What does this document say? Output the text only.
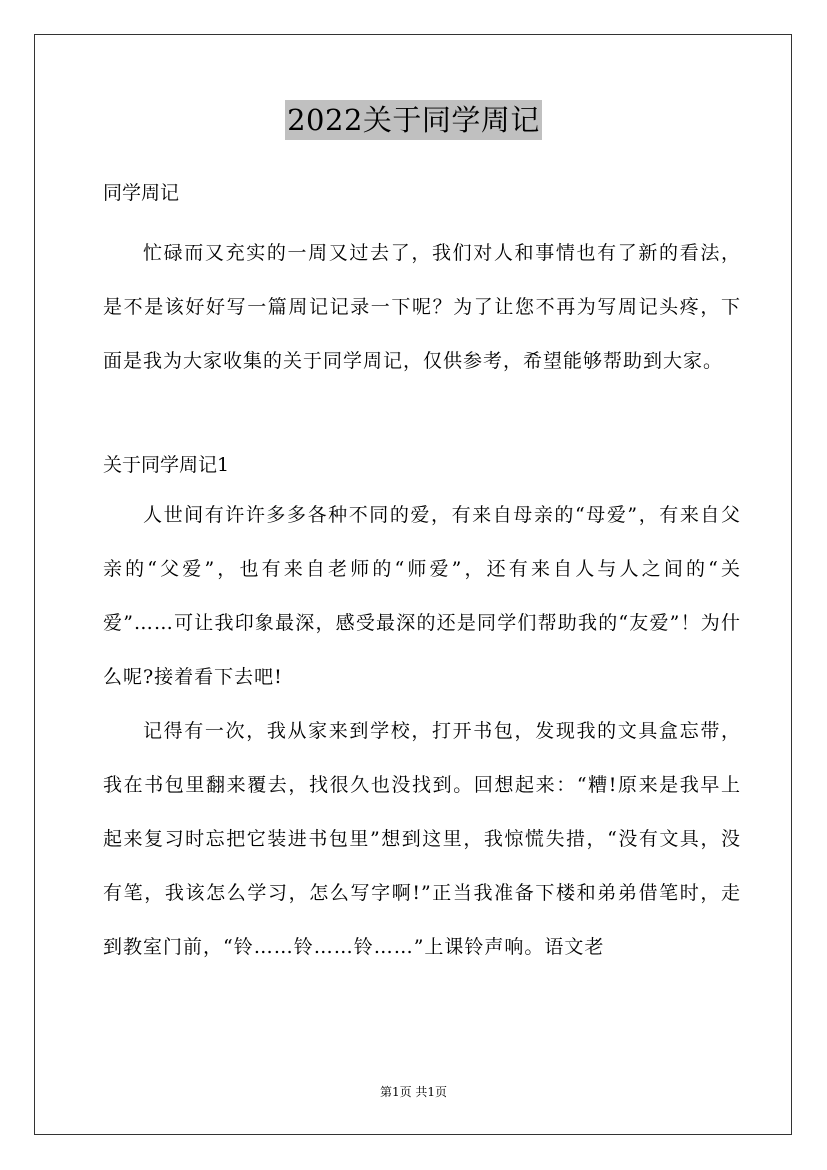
2022关于同学周记

同学周记

忙碌而又充实的一周又过去了，我们对人和事情也有了新的看法，是不是该好好写一篇周记记录一下呢？为了让您不再为写周记头疼，下面是我为大家收集的关于同学周记，仅供参考，希望能够帮助到大家。

关于同学周记1

人世间有许许多多各种不同的爱，有来自母亲的“母爱”，有来自父亲的“父爱”，也有来自老师的“师爱”，还有来自人与人之间的“关爱”……可让我印象最深，感受最深的还是同学们帮助我的“友爱”！为什么呢?接着看下去吧!

记得有一次，我从家来到学校，打开书包，发现我的文具盒忘带，我在书包里翻来覆去，找很久也没找到。回想起来：“糟!原来是我早上起来复习时忘把它装进书包里”想到这里，我惊慌失措，“没有文具，没有笔，我该怎么学习，怎么写字啊!”正当我准备下楼和弟弟借笔时，走到教室门前，“铃……铃……铃……”上课铃声响。语文老

第1页 共1页
